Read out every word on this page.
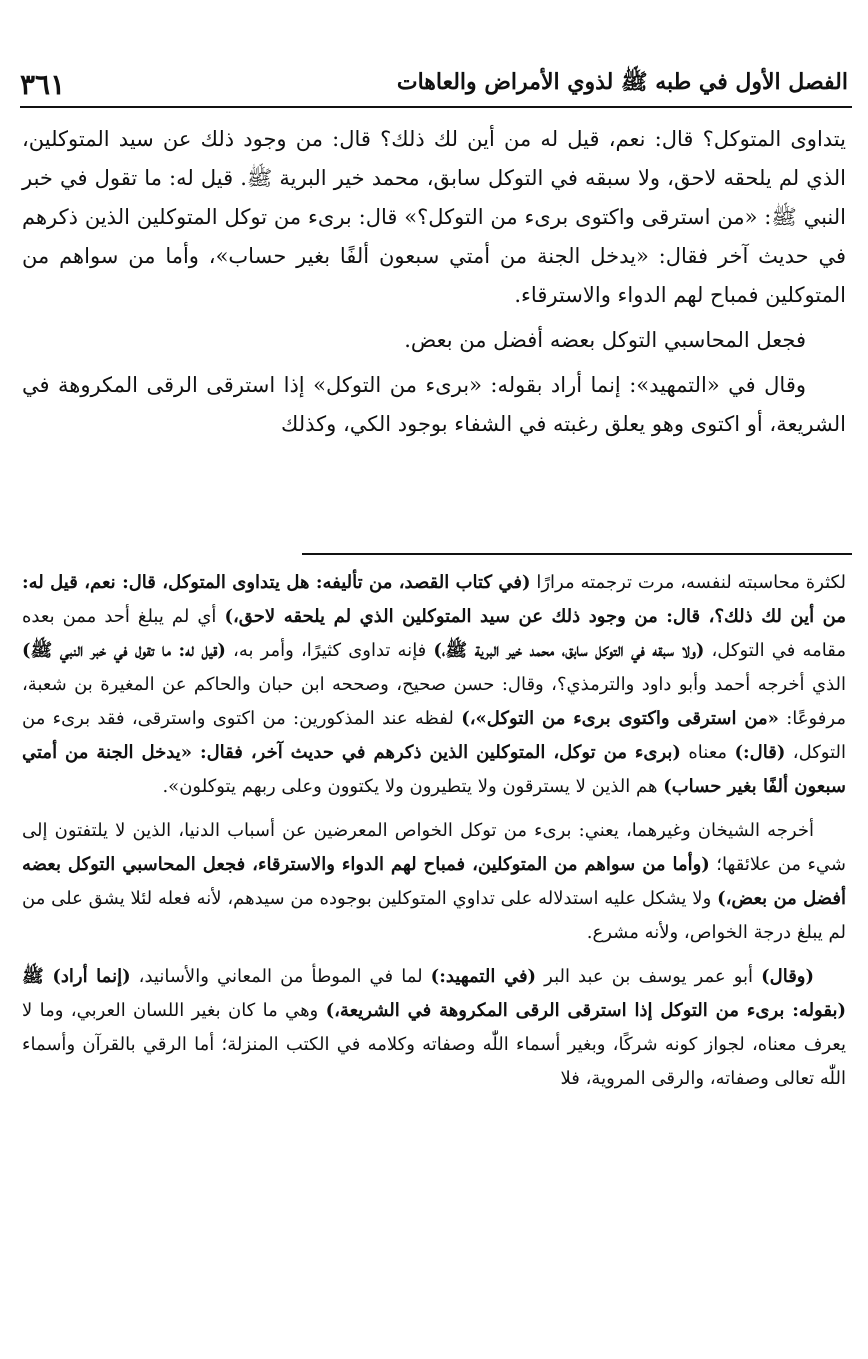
الفصل الأول في طبه ﷺ لذوي الأمراض والعاهات
٣٦١

يتداوى المتوكل؟ قال: نعم، قيل له من أين لك ذلك؟ قال: من وجود ذلك عن سيد المتوكلين، الذي لم يلحقه لاحق، ولا سبقه في التوكل سابق، محمد خير البرية ﷺ. قيل له: ما تقول في خبر النبي ﷺ: «من استرقى واكتوى برىء من التوكل؟» قال: برىء من توكل المتوكلين الذين ذكرهم في حديث آخر فقال: «يدخل الجنة من أمتي سبعون ألفًا بغير حساب»، وأما من سواهم من المتوكلين فمباح لهم الدواء والاسترقاء.

فجعل المحاسبي التوكل بعضه أفضل من بعض.

وقال في «التمهيد»: إنما أراد بقوله: «برىء من التوكل» إذا استرقى الرقى المكروهة في الشريعة، أو اكتوى وهو يعلق رغبته في الشفاء بوجود الكي، وكذلك

لكثرة محاسبته لنفسه، مرت ترجمته مرارًا (في كتاب القصد، من تأليفه: هل يتداوى المتوكل، قال: نعم، قيل له: من أين لك ذلك؟، قال: من وجود ذلك عن سيد المتوكلين الذي لم يلحقه لاحق،) أي لم يبلغ أحد ممن بعده مقامه في التوكل، (ولا سبقه في التوكل سابق، محمد خير البرية ﷺ،) فإنه تداوى كثيرًا، وأمر به، (قيل له: ما تقول في خبر النبي ﷺ) الذي أخرجه أحمد وأبو داود والترمذي؟، وقال: حسن صحيح، وصححه ابن حبان والحاكم عن المغيرة بن شعبة، مرفوعًا: «من استرقى واكتوى برىء من التوكل»،) لفظه عند المذكورين: من اكتوى واسترقى، فقد برىء من التوكل، (قال:) معناه (برىء من توكل، المتوكلين الذين ذكرهم في حديث آخر، فقال: «يدخل الجنة من أمتي سبعون ألفًا بغير حساب) هم الذين لا يسترقون ولا يتطيرون ولا يكتوون وعلى ربهم يتوكلون».

أخرجه الشيخان وغيرهما، يعني: برىء من توكل الخواص المعرضين عن أسباب الدنيا، الذين لا يلتفتون إلى شيء من علائقها؛ (وأما من سواهم من المتوكلين، فمباح لهم الدواء والاسترقاء، فجعل المحاسبي التوكل بعضه أفضل من بعض،) ولا يشكل عليه استدلاله على تداوي المتوكلين بوجوده من سيدهم، لأنه فعله لئلا يشق على من لم يبلغ درجة الخواص، ولأنه مشرع.

(وقال) أبو عمر يوسف بن عبد البر (في التمهيد:) لما في الموطأ من المعاني والأسانيد، (إنما أراد) ﷺ (بقوله: برىء من التوكل إذا استرقى الرقى المكروهة في الشريعة،) وهي ما كان بغير اللسان العربي، وما لا يعرف معناه، لجواز كونه شركًا، وبغير أسماء اللّٰه وصفاته وكلامه في الكتب المنزلة؛ أما الرقي بالقرآن وأسماء اللّٰه تعالى وصفاته، والرقى المروية، فلا
